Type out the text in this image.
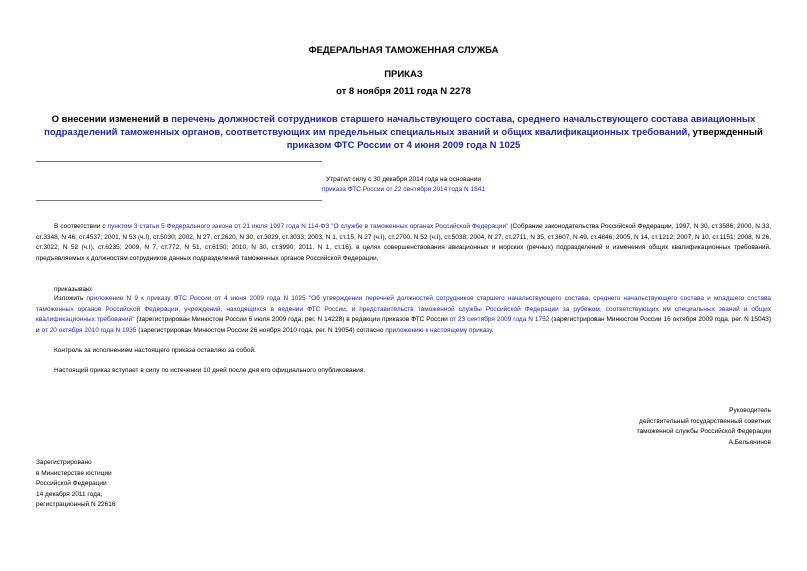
ФЕДЕРАЛЬНАЯ ТАМОЖЕННАЯ СЛУЖБА
ПРИКАЗ
от 8 ноября 2011 года N 2278
О внесении изменений в перечень должностей сотрудников старшего начальствующего состава, среднего начальствующего состава авиационных подразделений таможенных органов, соответствующих им предельных специальных званий и общих квалификационных требований, утвержденный приказом ФТС России от 4 июня 2009 года N 1025
Утратил силу с 30 декабря 2014 года на основании
приказа ФТС России от 22 сентября 2014 года N 1841
В соответствии с пунктом 3 статьи 5 Федерального закона от 21 июля 1997 года N 114-ФЗ "О службе в таможенных органах Российской Федерации" (Собрание законодательства Российской Федерации, 1997, N 30, ст.3586; 2000, N 33, ст.3348, N 46, ст.4537; 2001, N 53 (ч.I), ст.5030; 2002, N 27, ст.2620, N 30, ст.3029, ст.3033; 2003, N 1, ст.15, N 27 (ч.I), ст.2700, N 52 (ч.I), ст.5038; 2004, N 27, ст.2711, N 35, ст.3607, N 49, ст.4846; 2005, N 14, ст.1212; 2007, N 10, ст.1151; 2008, N 26, ст.3022, N 52 (ч.I), ст.6235; 2009, N 7, ст.772, N 51, ст.6150; 2010, N 30, ст.3990; 2011, N 1, ст.16), в целях совершенствования авиационных и морских (речных) подразделений и изменения общих квалификационных требований, предъявляемых к должностям сотрудников данных подразделений таможенных органов Российской Федерации,
приказываю:
Изложить приложение N 9 к приказу ФТС России от 4 июня 2009 года N 1025 "Об утверждении перечней должностей сотрудников старшего начальствующего состава, среднего начальствующего состава и младшего состава таможенных органов Российской Федерации, учреждений, находящихся в ведении ФТС России, и представительств таможенной службы Российской Федерации за рубежом, соответствующих им специальных званий и общих квалификационных требований" (зарегистрирован Минюстом России 6 июля 2009 года, рег. N 14228) в редакции приказов ФТС России от 23 сентября 2009 года N 1752 (зарегистрирован Минюстом России 16 октября 2009 года, рег. N 15043) и от 20 октября 2010 года N 1935 (зарегистрирован Минюстом России 26 ноября 2010 года, рег. N 19054) согласно приложению к настоящему приказу.
Контроль за исполнением настоящего приказа оставляю за собой.
Настоящий приказ вступает в силу по истечении 10 дней после дня его официального опубликования.
Руководитель
действительный государственный советник
таможенной службы Российской Федерации
А.Бельянинов
Зарегистрировано
в Министерстве юстиции
Российской Федерации
14 декабря 2011 года,
регистрационный N 22616
